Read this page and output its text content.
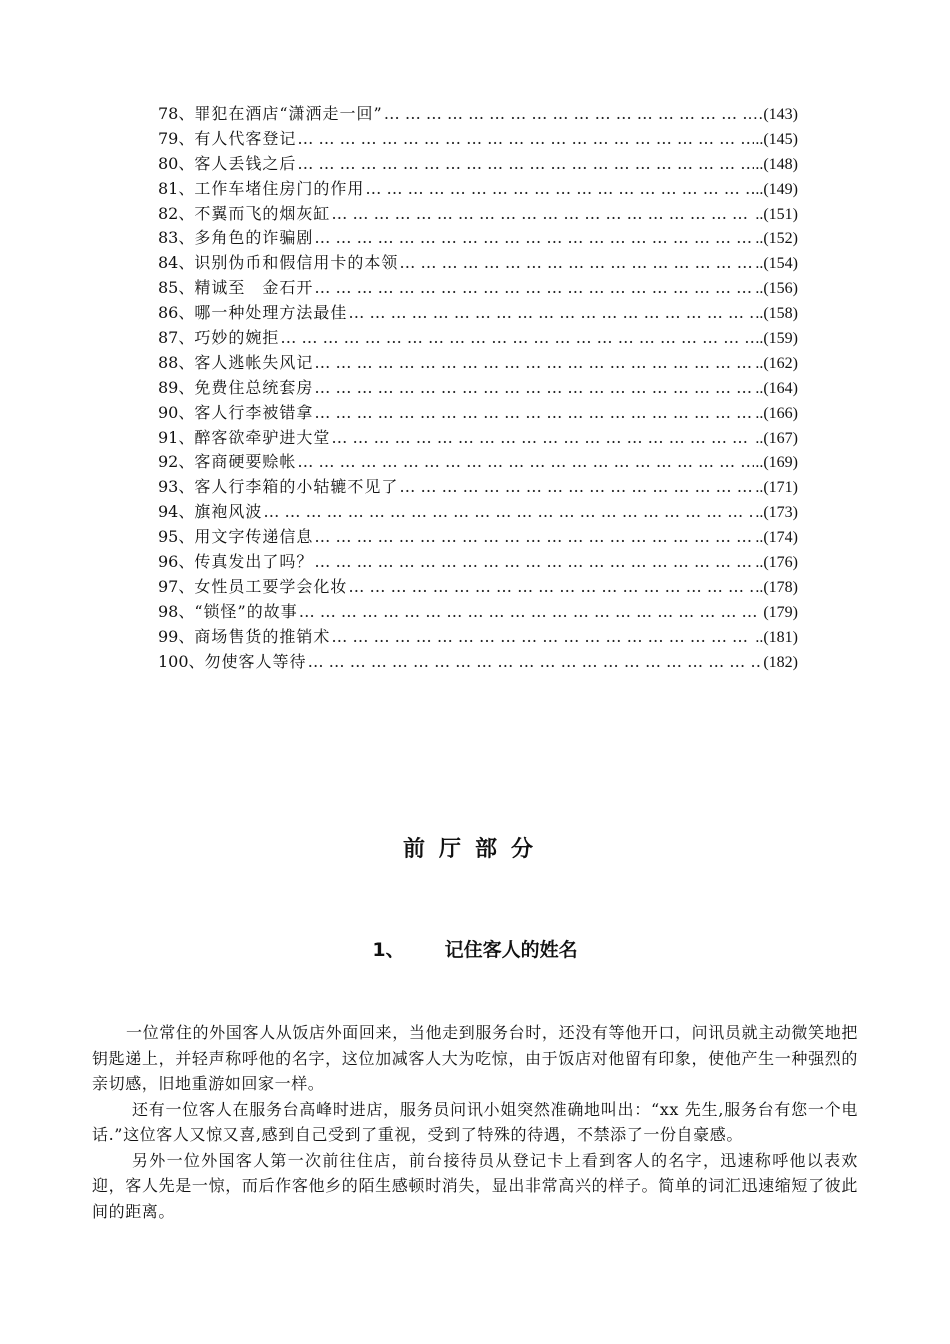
78、 罪犯在酒店“潇洒走一回” … … … … … … … … … … … … … … … … … … … … … … … … … … … … … … … … … … … … … … … … … … … … … …	…(143)
79、 有人代客登记 … … … … … … … … … … … … … … … … … … … … … … … … … … … … … … … … … … … … … … … … … … … … … …	..(145)
80、 客人丢钱之后 … … … … … … … … … … … … … … … … … … … … … … … … … … … … … … … … … … … … … … … … … … … … … …	..(148)
81、 工作车堵住房门的作用 … … … … … … … … … … … … … … … … … … … … … … … … … … … … … … … … … … … … … … … … … … … … … …	..(149)
82、 不翼而飞的烟灰缸 … … … … … … … … … … … … … … … … … … … … … … … … … … … … … … … … … … … … … … … … … … … … … …	..(151)
83、 多角色的诈骗剧 … … … … … … … … … … … … … … … … … … … … … … … … … … … … … … … … … … … … … … … … … … … … … …	..(152)
84、 识别伪币和假信用卡的本领 … … … … … … … … … … … … … … … … … … … … … … … … … … … … … … … … … … … … … … … … … … … … … …	..(154)
85、 精诚至　金石开 … … … … … … … … … … … … … … … … … … … … … … … … … … … … … … … … … … … … … … … … … … … … … …	..(156)
86、 哪一种处理方法最佳 … … … … … … … … … … … … … … … … … … … … … … … … … … … … … … … … … … … … … … … … … … … … … …	..(158)
87、 巧妙的婉拒 … … … … … … … … … … … … … … … … … … … … … … … … … … … … … … … … … … … … … … … … … … … … … …	..(159)
88、 客人逃帐失风记 … … … … … … … … … … … … … … … … … … … … … … … … … … … … … … … … … … … … … … … … … … … … … …	..(162)
89、 免费住总统套房 … … … … … … … … … … … … … … … … … … … … … … … … … … … … … … … … … … … … … … … … … … … … … …	..(164)
90、 客人行李被错拿 … … … … … … … … … … … … … … … … … … … … … … … … … … … … … … … … … … … … … … … … … … … … … …	..(166)
91、 醉客欲牵驴进大堂 … … … … … … … … … … … … … … … … … … … … … … … … … … … … … … … … … … … … … … … … … … … … … …	..(167)
92、 客商硬要赊帐 … … … … … … … … … … … … … … … … … … … … … … … … … … … … … … … … … … … … … … … … … … … … … …	..(169)
93、 客人行李箱的小轱辘不见了 … … … … … … … … … … … … … … … … … … … … … … … … … … … … … … … … … … … … … … … … … … … … … …	..(171)
94、 旗袍风波 … … … … … … … … … … … … … … … … … … … … … … … … … … … … … … … … … … … … … … … … … … … … … …	..(173)
95、 用文字传递信息 … … … … … … … … … … … … … … … … … … … … … … … … … … … … … … … … … … … … … … … … … … … … … …	..(174)
96、 传真发出了吗？ … … … … … … … … … … … … … … … … … … … … … … … … … … … … … … … … … … … … … … … … … … … … … …	..(176)
97、 女性员工要学会化妆 … … … … … … … … … … … … … … … … … … … … … … … … … … … … … … … … … … … … … … … … … … … … … …	..(178)
98、 “锁怪”的故事 … … … … … … … … … … … … … … … … … … … … … … … … … … … … … … … … … … … … … … … … … … … … … …	(179)
99、 商场售货的推销术 … … … … … … … … … … … … … … … … … … … … … … … … … … … … … … … … … … … … … … … … … … … … … …	..(181)
100、 勿使客人等待 … … … … … … … … … … … … … … … … … … … … … … … … … … … … … … … … … … … … … … … … … … … … … …	(182)
前厅部分
1、 记住客人的姓名

一位常住的外国客人从饭店外面回来，当他走到服务台时，还没有等他开口，问讯员就主动微笑地把钥匙递上，并轻声称呼他的名字，这位加减客人大为吃惊，由于饭店对他留有印象，使他产生一种强烈的亲切感，旧地重游如回家一样。

还有一位客人在服务台高峰时进店，服务员问讯小姐突然准确地叫出：“xx 先生,服务台有您一个电话.”这位客人又惊又喜,感到自己受到了重视，受到了特殊的待遇，不禁添了一份自豪感。

另外一位外国客人第一次前往住店，前台接待员从登记卡上看到客人的名字，迅速称呼他以表欢迎，客人先是一惊，而后作客他乡的陌生感顿时消失，显出非常高兴的样子。简单的词汇迅速缩短了彼此间的距离。
